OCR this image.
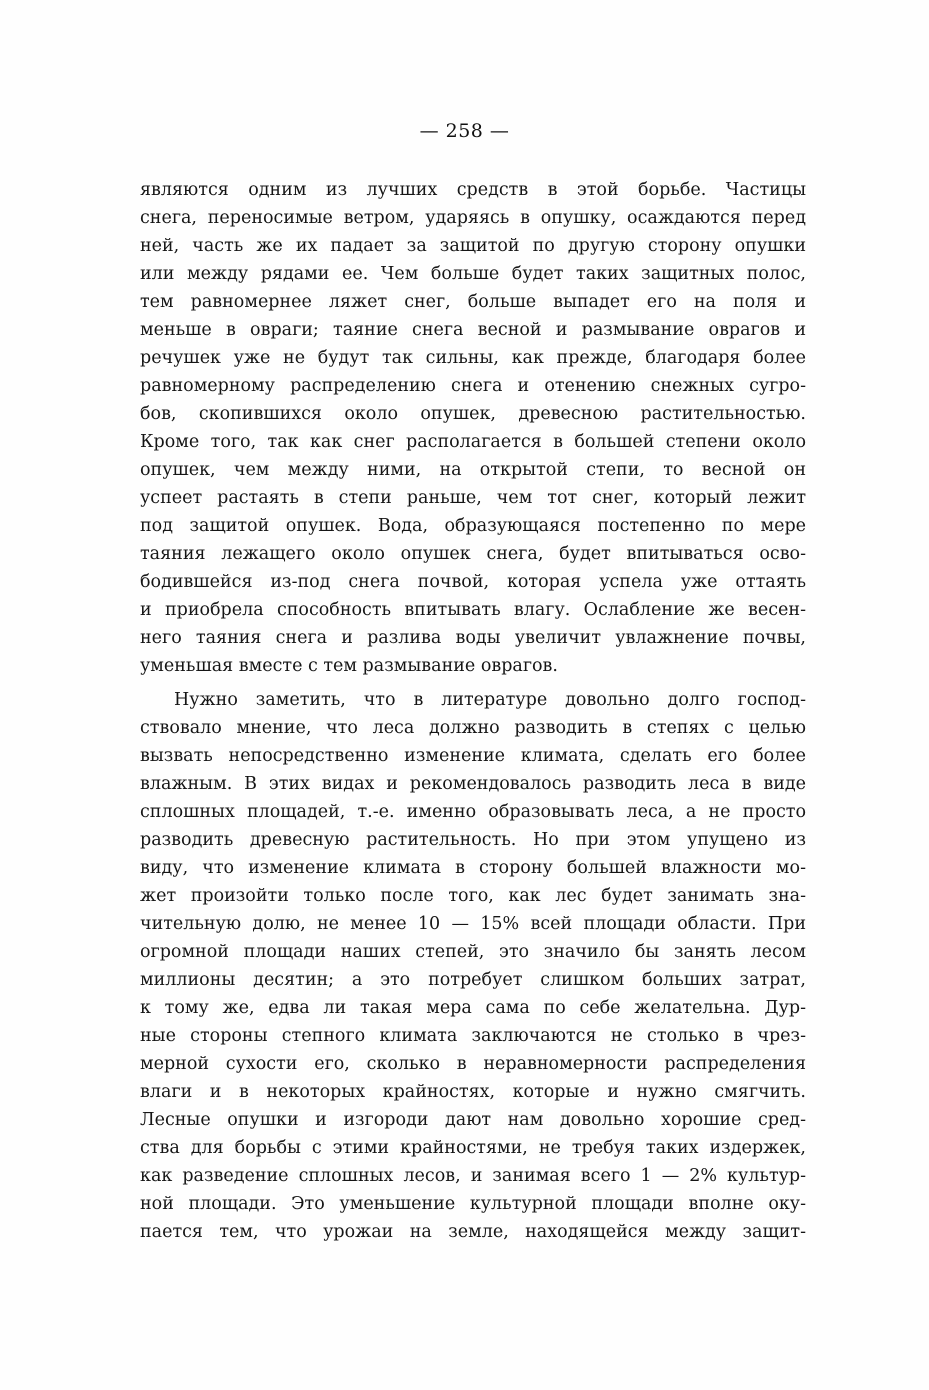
— 258 —
являются одним из лучших средств в этой борьбе. Частицы
снега, переносимые ветром, ударяясь в опушку, осаждаются перед
ней, часть же их падает за защитой по другую сторону опушки
или между рядами ее. Чем больше будет таких защитных полос,
тем равномернее ляжет снег, больше выпадет его на поля и
меньше в овраги; таяние снега весной и размывание оврагов и
речушек уже не будут так сильны, как прежде, благодаря более
равномерному распределению снега и отенению снежных сугро-
бов, скопившихся около опушек, древесною растительностью.
Кроме того, так как снег располагается в большей степени около
опушек, чем между ними, на открытой степи, то весной он
успеет растаять в степи раньше, чем тот снег, который лежит
под защитой опушек. Вода, образующаяся постепенно по мере
таяния лежащего около опушек снега, будет впитываться осво-
бодившейся из-под снега почвой, которая успела уже оттаять
и приобрела способность впитывать влагу. Ослабление же весен-
него таяния снега и разлива воды увеличит увлажнение почвы,
уменьшая вместе с тем размывание оврагов.
Нужно заметить, что в литературе довольно долго господ-
ствовало мнение, что леса должно разводить в степях с целью
вызвать непосредственно изменение климата, сделать его более
влажным. В этих видах и рекомендовалось разводить леса в виде
сплошных площадей, т.-е. именно образовывать леса, а не просто
разводить древесную растительность. Но при этом упущено из
виду, что изменение климата в сторону большей влажности мо-
жет произойти только после того, как лес будет занимать зна-
чительную долю, не менее 10 — 15% всей площади области. При
огромной площади наших степей, это значило бы занять лесом
миллионы десятин; а это потребует слишком больших затрат,
к тому же, едва ли такая мера сама по себе желательна. Дур-
ные стороны степного климата заключаются не столько в чрез-
мерной сухости его, сколько в неравномерности распределения
влаги и в некоторых крайностях, которые и нужно смягчить.
Лесные опушки и изгороди дают нам довольно хорошие сред-
ства для борьбы с этими крайностями, не требуя таких издержек,
как разведение сплошных лесов, и занимая всего 1 — 2% культур-
ной площади. Это уменьшение культурной площади вполне оку-
пается тем, что урожаи на земле, находящейся между защит-
